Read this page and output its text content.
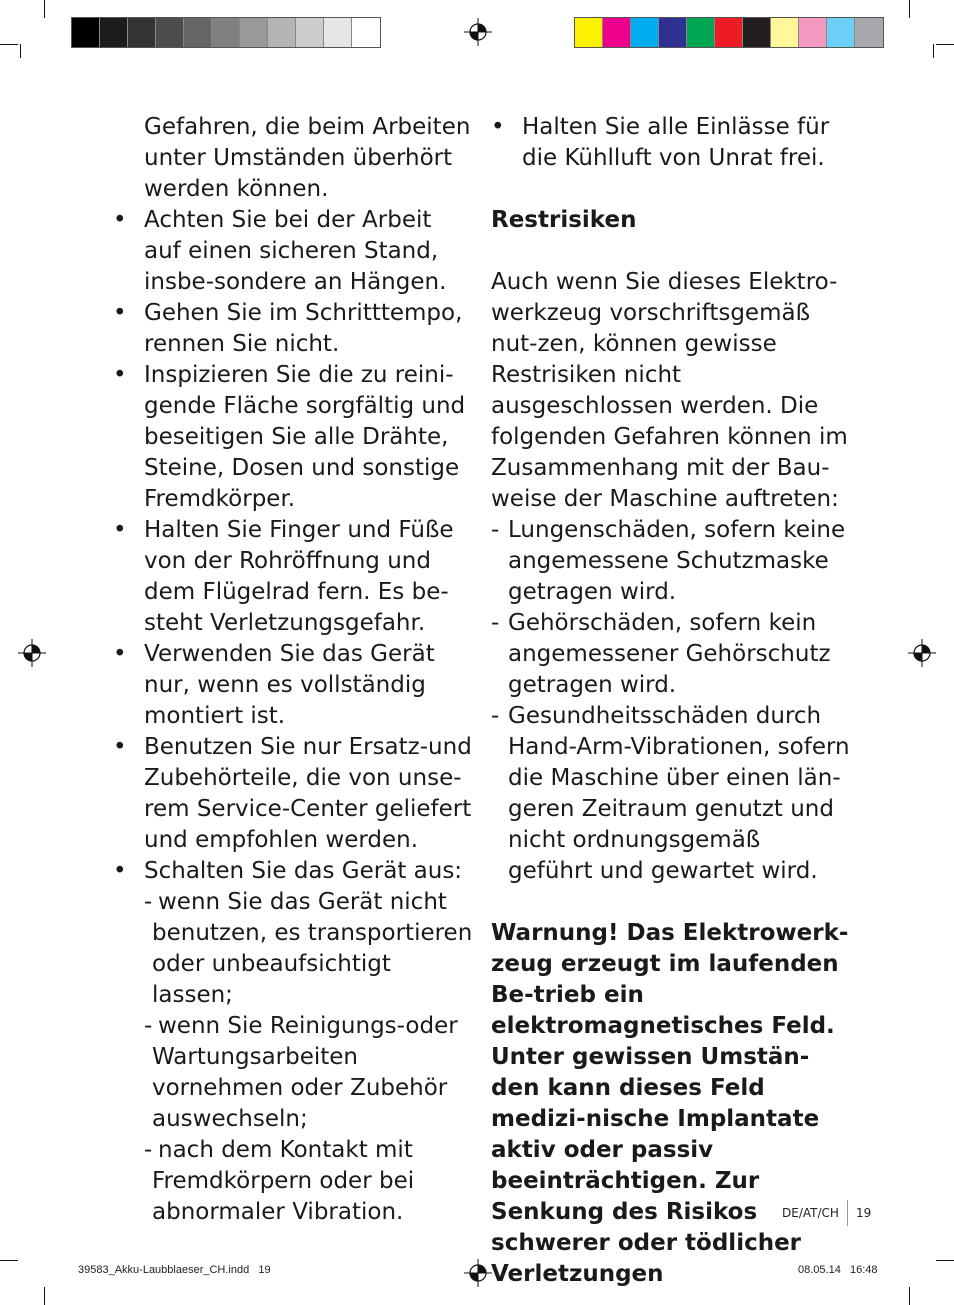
Gefahren, die beim Arbeiten unter Umständen überhört werden können.

• Achten Sie bei der Arbeit auf einen sicheren Stand, insbe-sondere an Hängen.
• Gehen Sie im Schritttempo, rennen Sie nicht.
• Inspizieren Sie die zu reini-gende Fläche sorgfältig und beseitigen Sie alle Drähte, Steine, Dosen und sonstige Fremdkörper.
• Halten Sie Finger und Füße von der Rohröffnung und dem Flügelrad fern. Es be-steht Verletzungsgefahr.
• Verwenden Sie das Gerät nur, wenn es vollständig montiert ist.
• Benutzen Sie nur Ersatz-und Zubehörteile, die von unse-rem Service-Center geliefert und empfohlen werden.
• Schalten Sie das Gerät aus:
- wenn Sie das Gerät nicht benutzen, es transportieren oder unbeaufsichtigt lassen;
- wenn Sie Reinigungs-oder Wartungsarbeiten vornehmen oder Zubehör auswechseln;
- nach dem Kontakt mit Fremdkörpern oder bei abnormaler Vibration.
• Halten Sie alle Einlässe für die Kühlluft von Unrat frei.

Restrisiken

Auch wenn Sie dieses Elektro-werkzeug vorschriftsgemäß nut-zen, können gewisse Restrisiken nicht ausgeschlossen werden. Die folgenden Gefahren können im Zusammenhang mit der Bau-weise der Maschine auftreten:

- Lungenschäden, sofern keine angemessene Schutzmaske getragen wird.
- Gehörschäden, sofern kein angemessener Gehörschutz getragen wird.
- Gesundheitsschäden durch Hand-Arm-Vibrationen, sofern die Maschine über einen län-geren Zeitraum genutzt und nicht ordnungsgemäß geführt und gewartet wird.

Warnung! Das Elektrowerk-zeug erzeugt im laufenden Be-trieb ein elektromagnetisches Feld. Unter gewissen Umstän-den kann dieses Feld medizi-nische Implantate aktiv oder passiv beeinträchtigen. Zur Senkung des Risikos schwerer oder tödlicher Verletzungen

DE/AT/CH 19
39583_Akku-Laubblaeser_CH.indd   19	08.05.14   16:48
